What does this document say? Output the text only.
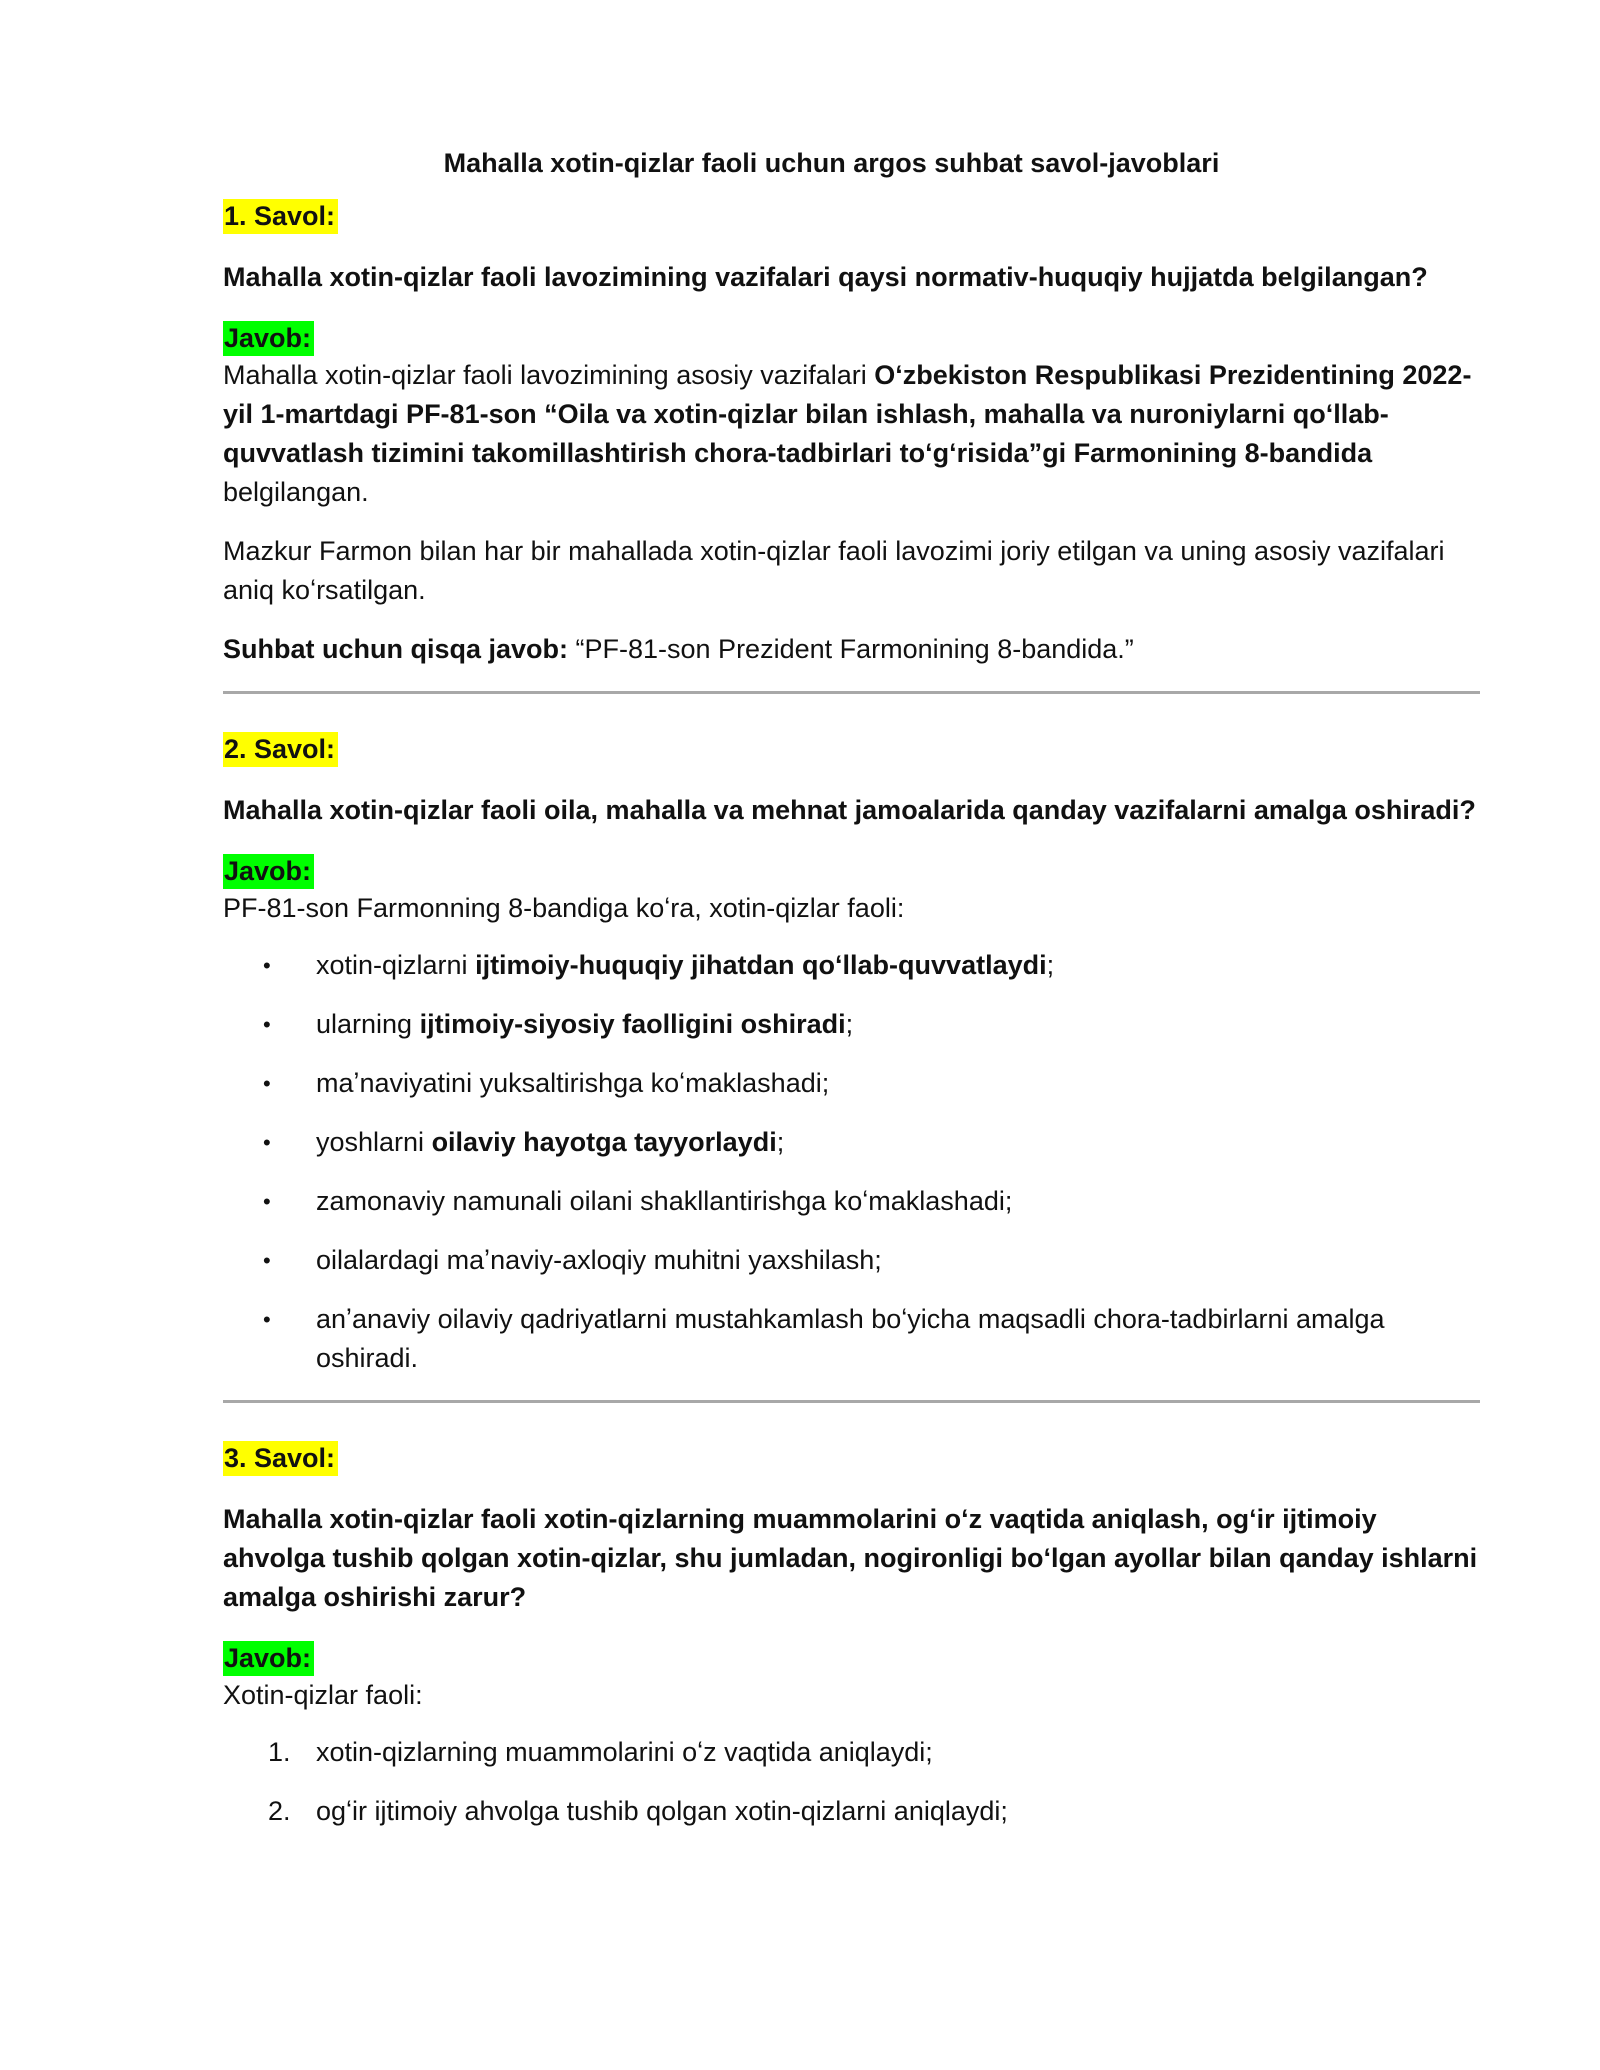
Mahalla xotin-qizlar faoli uchun argos suhbat savol-javoblari
1. Savol:
Mahalla xotin-qizlar faoli lavozimining vazifalari qaysi normativ-huquqiy hujjatda belgilangan?
Javob:
Mahalla xotin-qizlar faoli lavozimining asosiy vazifalari Oʻzbekiston Respublikasi Prezidentining 2022-yil 1-martdagi PF-81-son “Oila va xotin-qizlar bilan ishlash, mahalla va nuroniylarni qoʻllab-quvvatlash tizimini takomillashtirish chora-tadbirlari toʻgʻrisida”gi Farmonining 8-bandida belgilangan.
Mazkur Farmon bilan har bir mahallada xotin-qizlar faoli lavozimi joriy etilgan va uning asosiy vazifalari aniq koʻrsatilgan.
Suhbat uchun qisqa javob: “PF-81-son Prezident Farmonining 8-bandida.”
2. Savol:
Mahalla xotin-qizlar faoli oila, mahalla va mehnat jamoalarida qanday vazifalarni amalga oshiradi?
Javob:
PF-81-son Farmonning 8-bandiga koʻra, xotin-qizlar faoli:
• xotin-qizlarni ijtimoiy-huquqiy jihatdan qoʻllab-quvvatlaydi;
• ularning ijtimoiy-siyosiy faolligini oshiradi;
• maʼnaviyatini yuksaltirishga koʻmaklashadi;
• yoshlarni oilaviy hayotga tayyorlaydi;
• zamonaviy namunali oilani shakllantirishga koʻmaklashadi;
• oilalardagi maʼnaviy-axloqiy muhitni yaxshilash;
• anʼanaviy oilaviy qadriyatlarni mustahkamlash boʻyicha maqsadli chora-tadbirlarni amalga oshiradi.
3. Savol:
Mahalla xotin-qizlar faoli xotin-qizlarning muammolarini oʻz vaqtida aniqlash, ogʻir ijtimoiy ahvolga tushib qolgan xotin-qizlar, shu jumladan, nogironligi boʻlgan ayollar bilan qanday ishlarni amalga oshirishi zarur?
Javob:
Xotin-qizlar faoli:
1. xotin-qizlarning muammolarini oʻz vaqtida aniqlaydi;
2. ogʻir ijtimoiy ahvolga tushib qolgan xotin-qizlarni aniqlaydi;
